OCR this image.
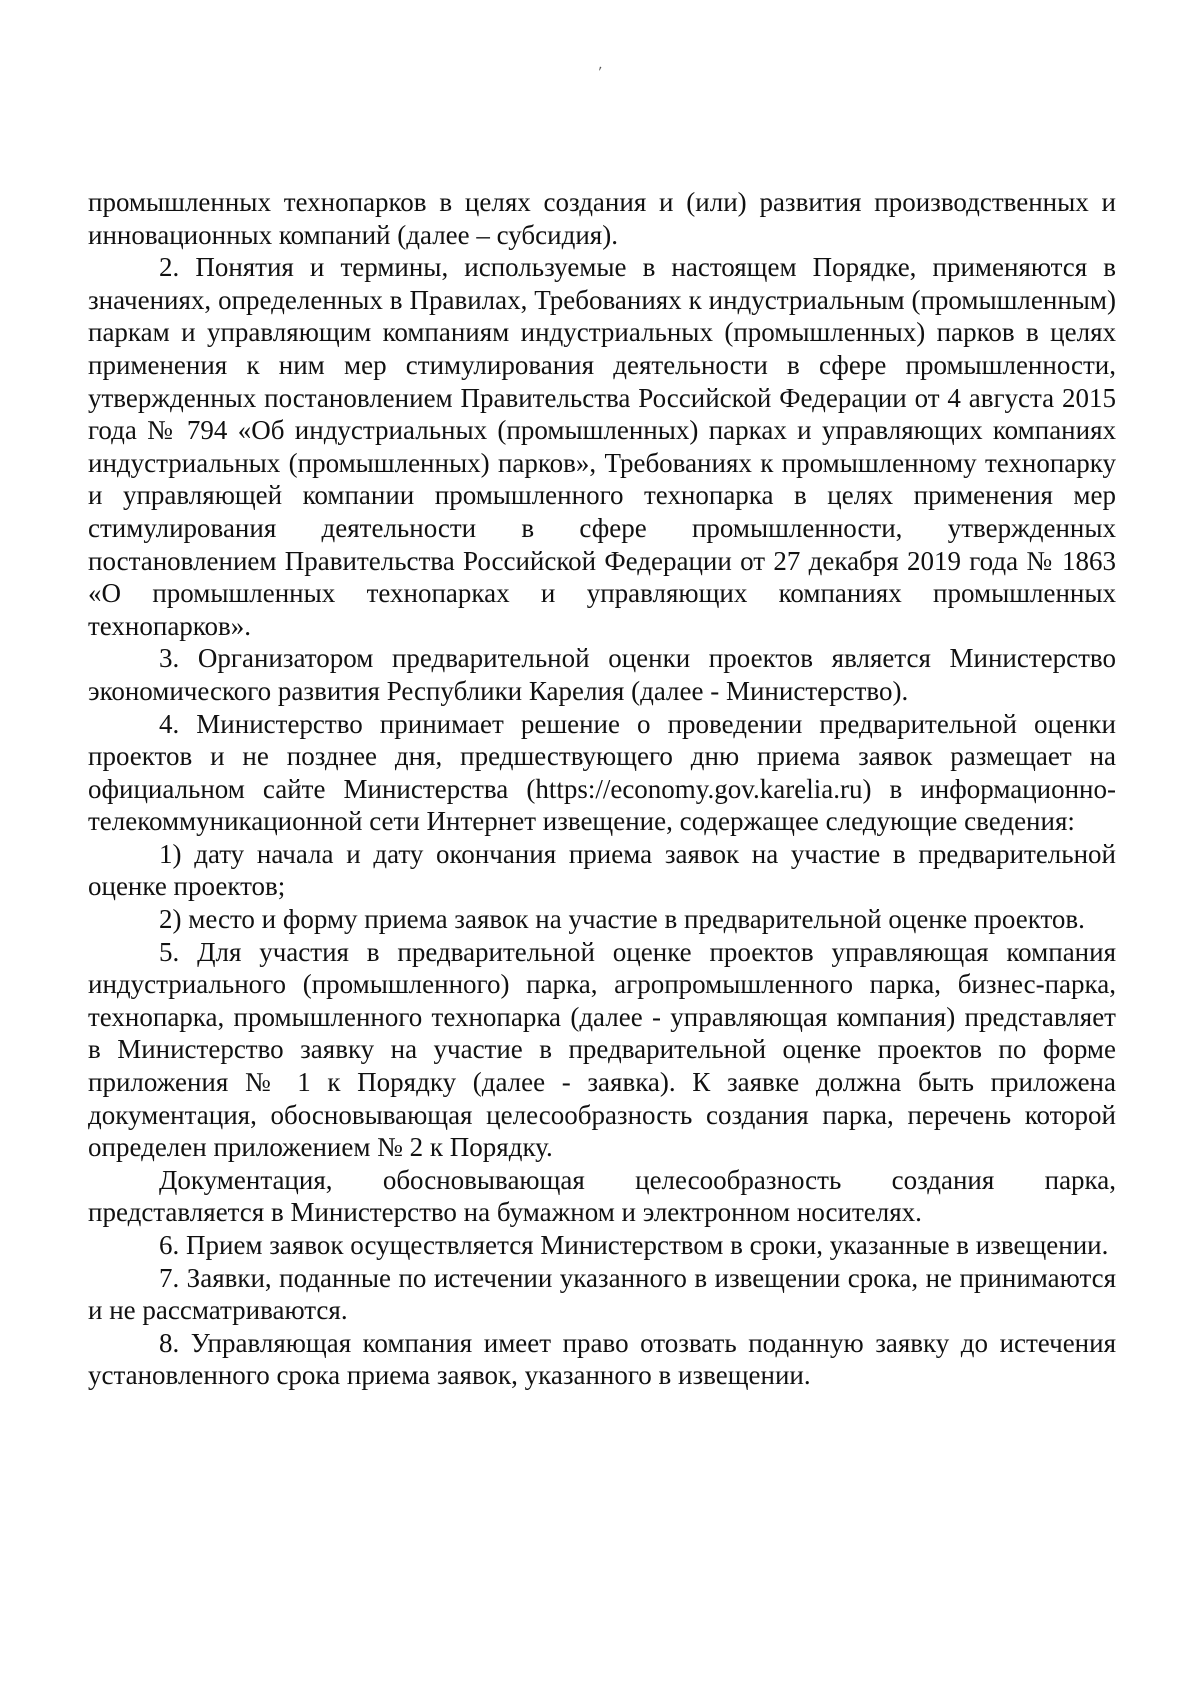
'

промышленных технопарков в целях создания и (или) развития производственных и инновационных компаний (далее – субсидия).

2. Понятия и термины, используемые в настоящем Порядке, применяются в значениях, определенных в Правилах, Требованиях к индустриальным (промышленным) паркам и управляющим компаниям индустриальных (промышленных) парков в целях применения к ним мер стимулирования деятельности в сфере промышленности, утвержденных постановлением Правительства Российской Федерации от 4 августа 2015 года № 794 «Об индустриальных (промышленных) парках и управляющих компаниях индустриальных (промышленных) парков», Требованиях к промышленному технопарку и управляющей компании промышленного технопарка в целях применения мер стимулирования деятельности в сфере промышленности, утвержденных постановлением Правительства Российской Федерации от 27 декабря 2019 года № 1863 «О промышленных технопарках и управляющих компаниях промышленных технопарков».

3. Организатором предварительной оценки проектов является Министерство экономического развития Республики Карелия (далее - Министерство).

4. Министерство принимает решение о проведении предварительной оценки проектов и не позднее дня, предшествующего дню приема заявок размещает на официальном сайте Министерства (https://economy.gov.karelia.ru) в информационно-телекоммуникационной сети Интернет извещение, содержащее следующие сведения:

1) дату начала и дату окончания приема заявок на участие в предварительной оценке проектов;

2) место и форму приема заявок на участие в предварительной оценке проектов.

5. Для участия в предварительной оценке проектов управляющая компания индустриального (промышленного) парка, агропромышленного парка, бизнес-парка, технопарка, промышленного технопарка (далее - управляющая компания) представляет в Министерство заявку на участие в предварительной оценке проектов по форме приложения № 1 к Порядку (далее - заявка). К заявке должна быть приложена документация, обосновывающая целесообразность создания парка, перечень которой определен приложением № 2 к Порядку.

Документация, обосновывающая целесообразность создания парка, представляется в Министерство на бумажном и электронном носителях.

6. Прием заявок осуществляется Министерством в сроки, указанные в извещении.

7. Заявки, поданные по истечении указанного в извещении срока, не принимаются и не рассматриваются.

8. Управляющая компания имеет право отозвать поданную заявку до истечения установленного срока приема заявок, указанного в извещении.
